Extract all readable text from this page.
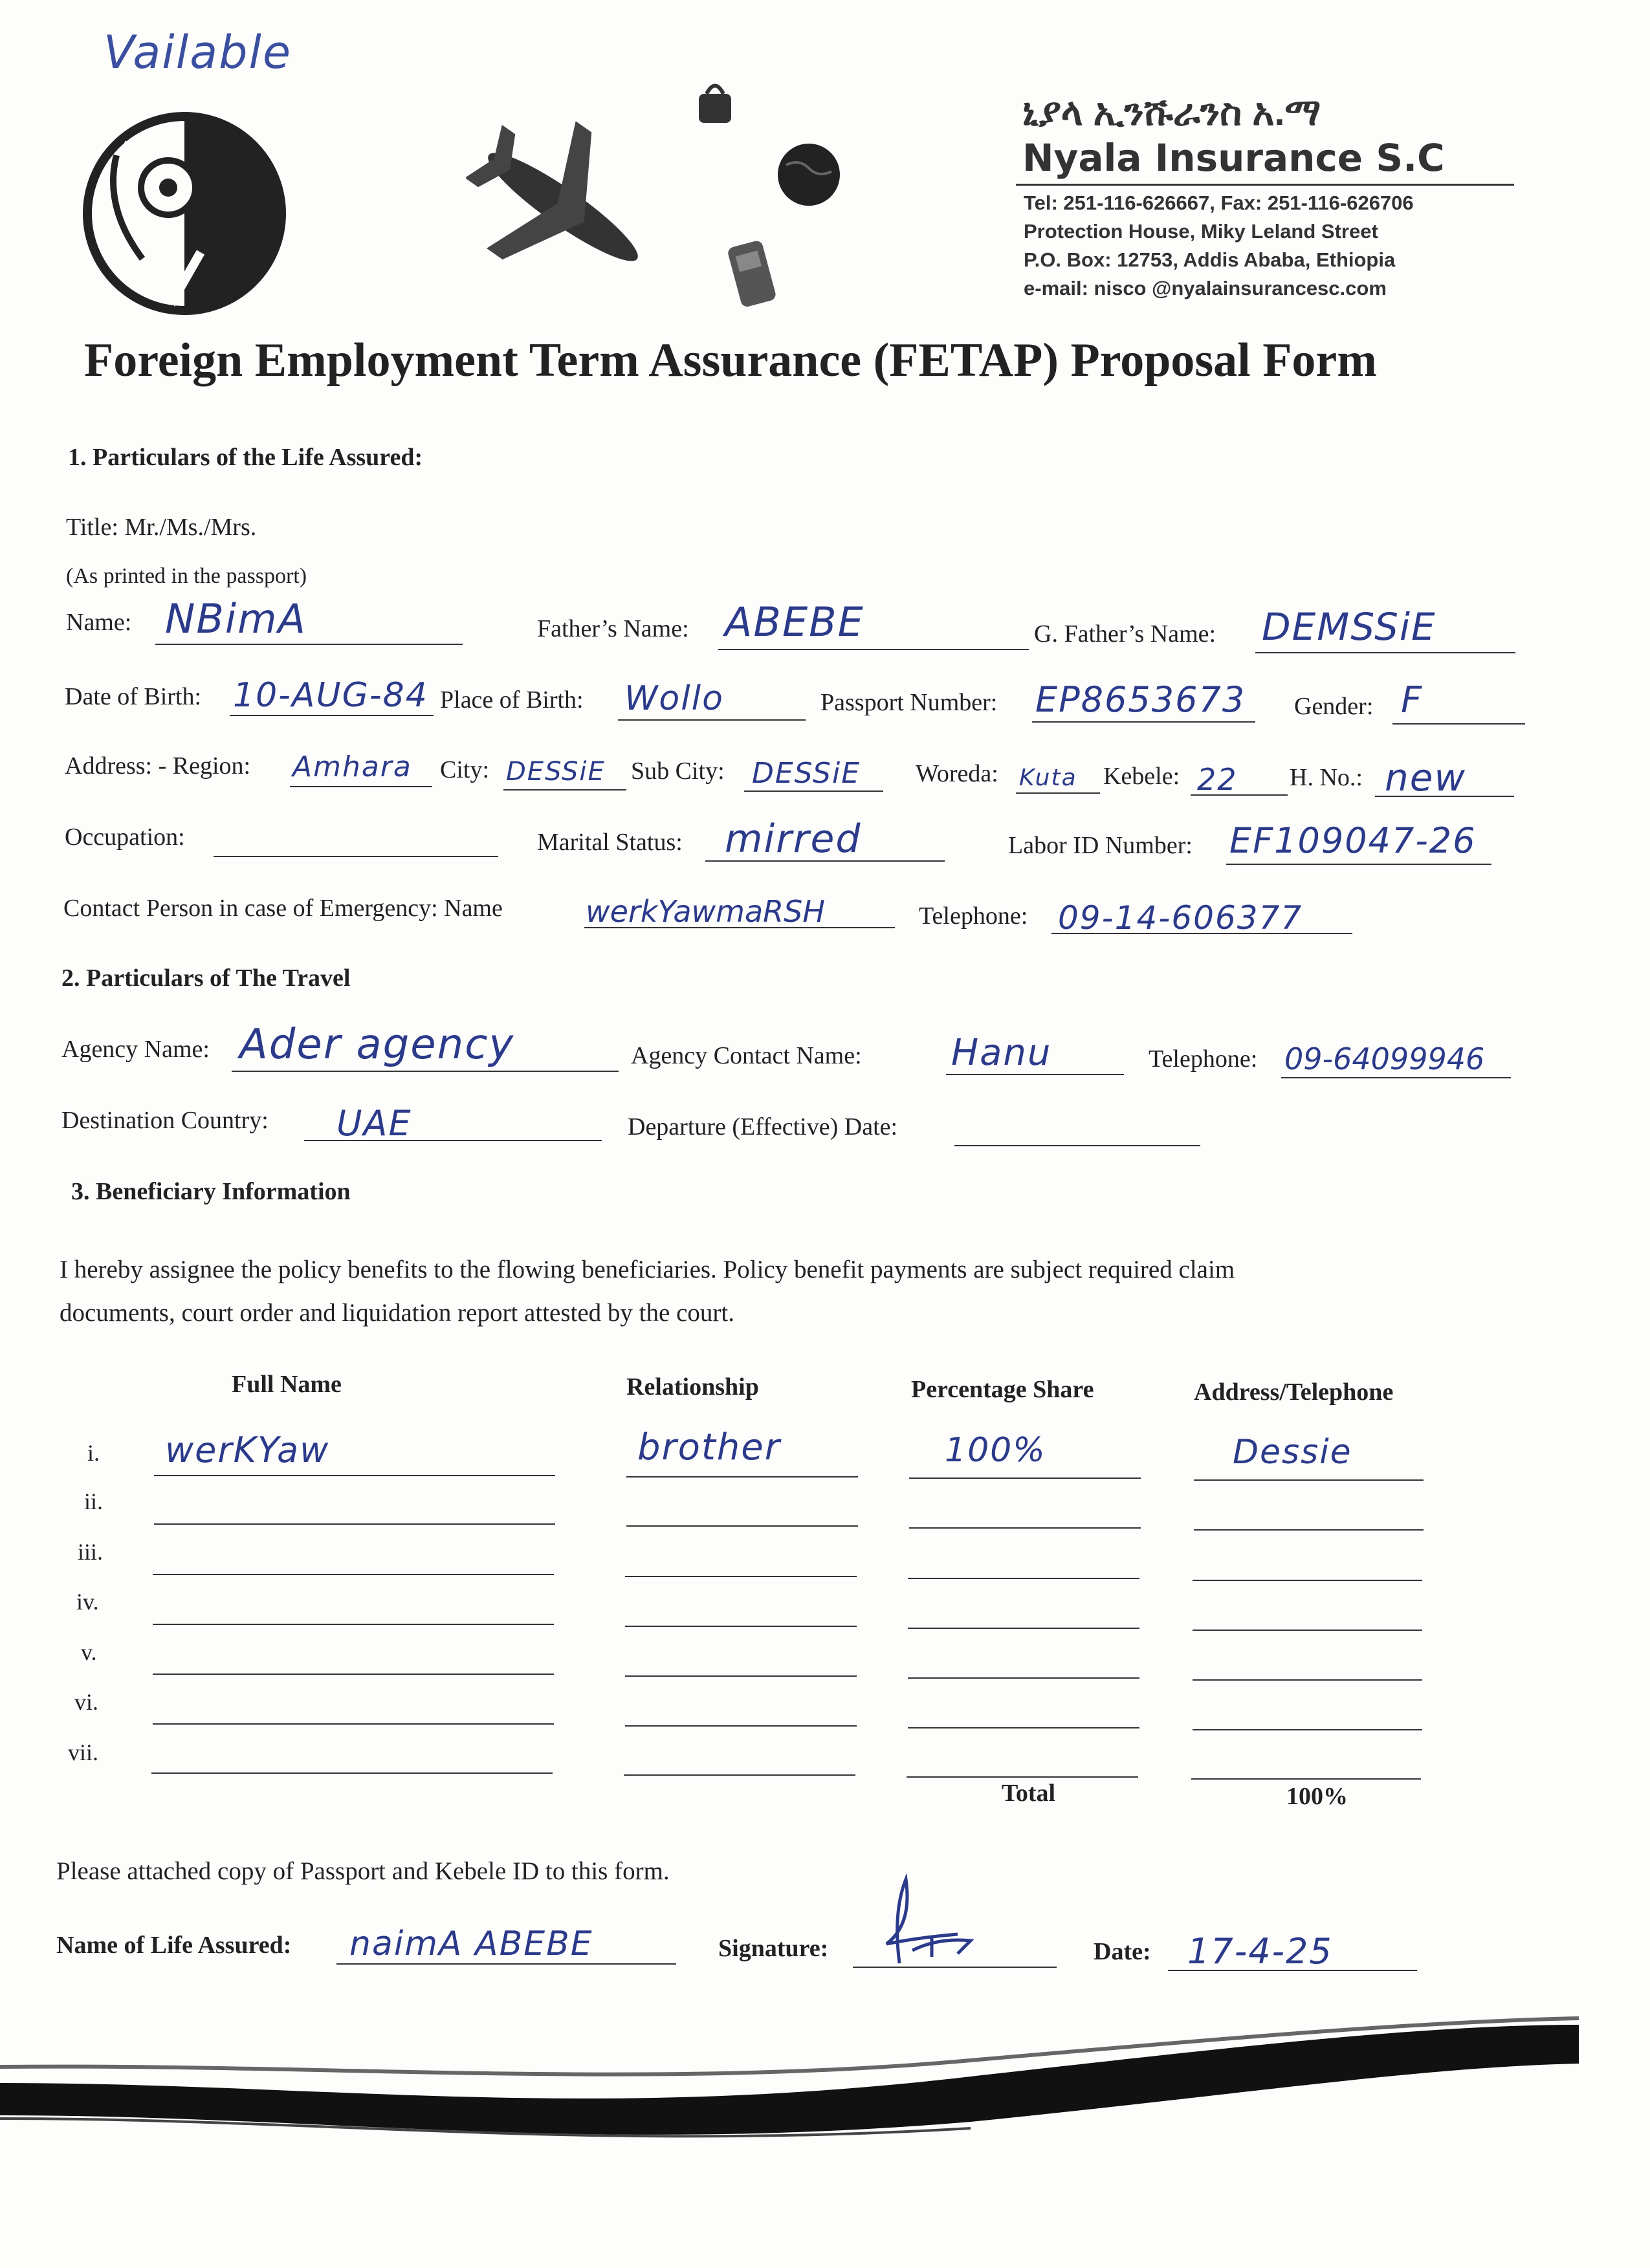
Vailable
ኒያላ ኢንሹራንስ አ.ማ
Nyala Insurance S.C
Tel: 251-116-626667, Fax: 251-116-626706
Protection House, Miky Leland Street
P.O. Box: 12753, Addis Ababa, Ethiopia
e-mail: nisco @nyalainsurancesc.com
Foreign Employment Term Assurance (FETAP) Proposal Form
1. Particulars of the Life Assured:
Title: Mr./Ms./Mrs.
(As printed in the passport)
Name: NBimA	Father’s Name: ABEBE	G. Father’s Name: DEMSSiE
Date of Birth: 10-AUG-84 Place of Birth: Wollo	Passport Number: EP8653673 Gender: F
Address: - Region: Amhara City: DESSiE Sub City: DESSiE Woreda: Kuta Kebele: 22 H. No.: new
Occupation:	Marital Status: mirred	Labor ID Number: EF109047-26
Contact Person in case of Emergency: Name	werkYawmaRSH	Telephone: 09-14-606377
2. Particulars of The Travel
Agency Name: Ader agency	Agency Contact Name: Hanu	Telephone: 09-64099946
Destination Country: UAE	Departure (Effective) Date:
3. Beneficiary Information
I hereby assignee the policy benefits to the flowing beneficiaries. Policy benefit payments are subject required claim
documents, court order and liquidation report attested by the court.
Full Name	Relationship	Percentage Share	Address/Telephone
i. werKYaw	brother	100%	Dessie
ii.
iii.
iv.
v.
vi.
vii.
Total	100%
Please attached copy of Passport and Kebele ID to this form.
Name of Life Assured: naimA ABEBE	Signature:	Date: 17-4-25
